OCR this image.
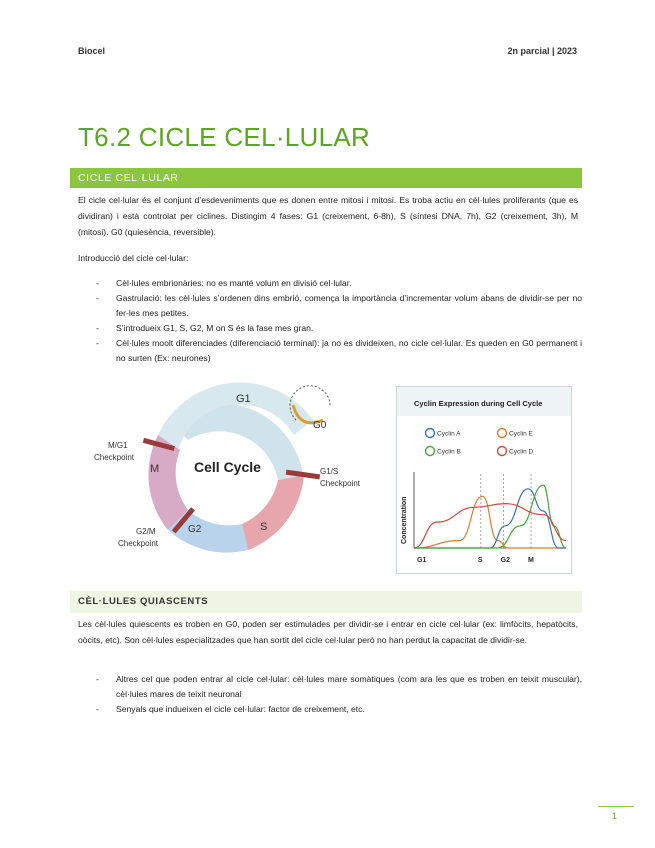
Biocel	2n parcial | 2023
T6.2 CICLE CEL·LULAR
CICLE CEL·LULAR
El cicle cel·lular és el conjunt d’esdeveniments que es donen entre mitosi i mitosi. Es troba actiu en cèl·lules proliferants (que es dividiran) i està controlat per ciclines. Distingim 4 fases: G1 (creixement, 6-8h), S (síntesi DNA, 7h), G2 (creixement, 3h), M (mitosi). G0 (quiesència, reversible).
Introducció del cicle cel·lular:
- Cèl·lules embrionàries: no es manté volum en divisió cel·lular.
- Gastrulació: les cèl·lules s’ordenen dins embrió, comença la importància d’incrementar volum abans de dividir-se per no fer-les mes petites.
- S’introdueix G1, S, G2, M on S és la fase mes gran.
- Cèl·lules moolt diferenciades (diferenciació terminal): ja no es divideixen, no cicle cel·lular. Es queden en G0 permanent i no surten (Ex: neurones)
G0
G1
Cell Cycle
M
S
G2
M/G1
Checkpoint
G1/S
Checkpoint
G2/M
Checkpoint
Cyclin Expression during Cell Cycle
Cyclin A	Cyclin E
Cyclin B	Cyclin D
Concentration
G1	S	G2	M
CÈL·LULES QUIASCENTS
Les cèl·lules quiescents es troben en G0, poden ser estimulades per dividir-se i entrar en cicle cel·lular (ex: limfòcits, hepatòcits, oòcits, etc). Son cèl·lules especialitzades que han sortit del cicle cel·lular però no han perdut la capacitat de dividir-se.
- Altres cel que poden entrar al cicle cel·lular: cèl·lules mare somàtiques (com ara les que es troben en teixit muscular), cèl·lules mares de teixit neuronal
- Senyals que indueixen el cicle cel·lular: factor de creixement, etc.
1
